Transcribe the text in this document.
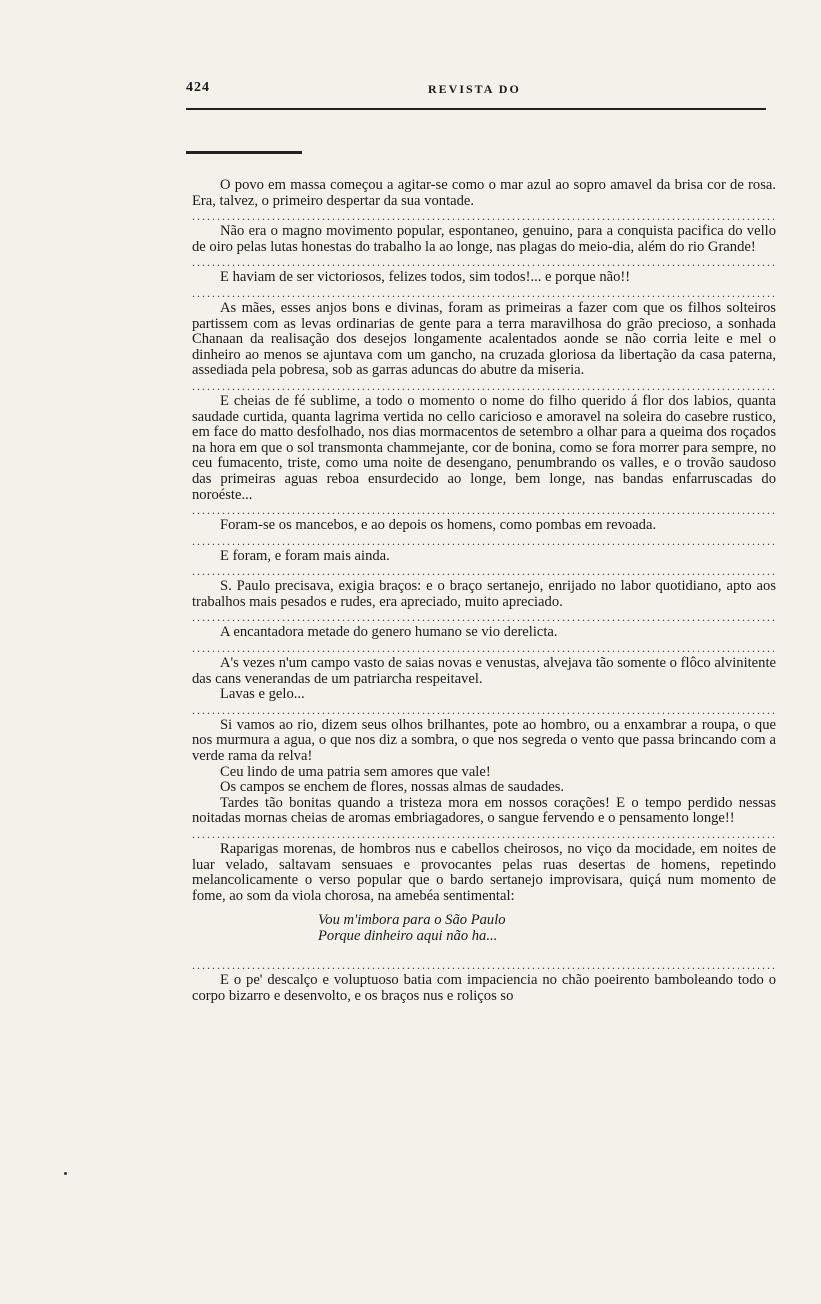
424	REVISTA DO

O povo em massa começou a agitar-se como o mar azul ao sopro amavel da brisa cor de rosa. Era, talvez, o primeiro despertar da sua vontade.

.....

Não era o magno movimento popular, espontaneo, genuino, para a conquista pacifica do vello de oiro pelas lutas honestas do trabalho la ao longe, nas plagas do meio-dia, além do rio Grande!

.....

E haviam de ser victoriosos, felizes todos, sim todos!... e porque não!!

.....

As mães, esses anjos bons e divinas, foram as primeiras a fazer com que os filhos solteiros partissem com as levas ordinarias de gente para a terra maravilhosa do grão precioso, a sonhada Chanaan da realisação dos desejos longamente acalentados aonde se não corria leite e mel o dinheiro ao menos se ajuntava com um gancho, na cruzada gloriosa da libertação da casa paterna, assediada pela pobresa, sob as garras aduncas do abutre da miseria.

.....

E cheias de fé sublime, a todo o momento o nome do filho querido á flor dos labios, quanta saudade curtida, quanta lagrima vertida no cello caricioso e amoravel na soleira do casebre rustico, em face do matto desfolhado, nos dias mormacentos de setembro a olhar para a queima dos roçados na hora em que o sol transmonta chammejante, cor de bonina, como se fora morrer para sempre, no ceu fumacento, triste, como uma noite de desengano, penumbrando os valles, e o trovão saudoso das primeiras aguas reboa ensurdecido ao longe, bem longe, nas bandas enfarruscadas do noroéste...

.....

Foram-se os mancebos, e ao depois os homens, como pombas em revoada.

.....

E foram, e foram mais ainda.

.....

S. Paulo precisava, exigia braços: e o braço sertanejo, enrijado no labor quotidiano, apto aos trabalhos mais pesados e rudes, era apreciado, muito apreciado.

.....

A encantadora metade do genero humano se vio derelicta.

.....

A's vezes n'um campo vasto de saias novas e venustas, alvejava tão somente o flôco alvinitente das cans venerandas de um patriarcha respeitavel.

Lavas e gelo...

.....

Si vamos ao rio, dizem seus olhos brilhantes, pote ao hombro, ou a enxambrar a roupa, o que nos murmura a agua, o que nos diz a sombra, o que nos segreda o vento que passa brincando com a verde rama da relva!

Ceu lindo de uma patria sem amores que vale!

Os campos se enchem de flores, nossas almas de saudades.

Tardes tão bonitas quando a tristeza mora em nossos corações! E o tempo perdido nessas noitadas mornas cheias de aromas embriagadores, o sangue fervendo e o pensamento longe!!

.....

Raparigas morenas, de hombros nus e cabellos cheirosos, no viço da mocidade, em noites de luar velado, saltavam sensuaes e provocantes pelas ruas desertas de homens, repetindo melancolicamente o verso popular que o bardo sertanejo improvisara, quiçá num momento de fome, ao som da viola chorosa, na amebéa sentimental:

Vou m'imbora para o São Paulo
Porque dinheiro aqui não ha...
.....

E o pe' descalço e voluptuoso batia com impaciencia no chão poeirento bamboleando todo o corpo bizarro e desenvolto, e os braços nus e roliços so
